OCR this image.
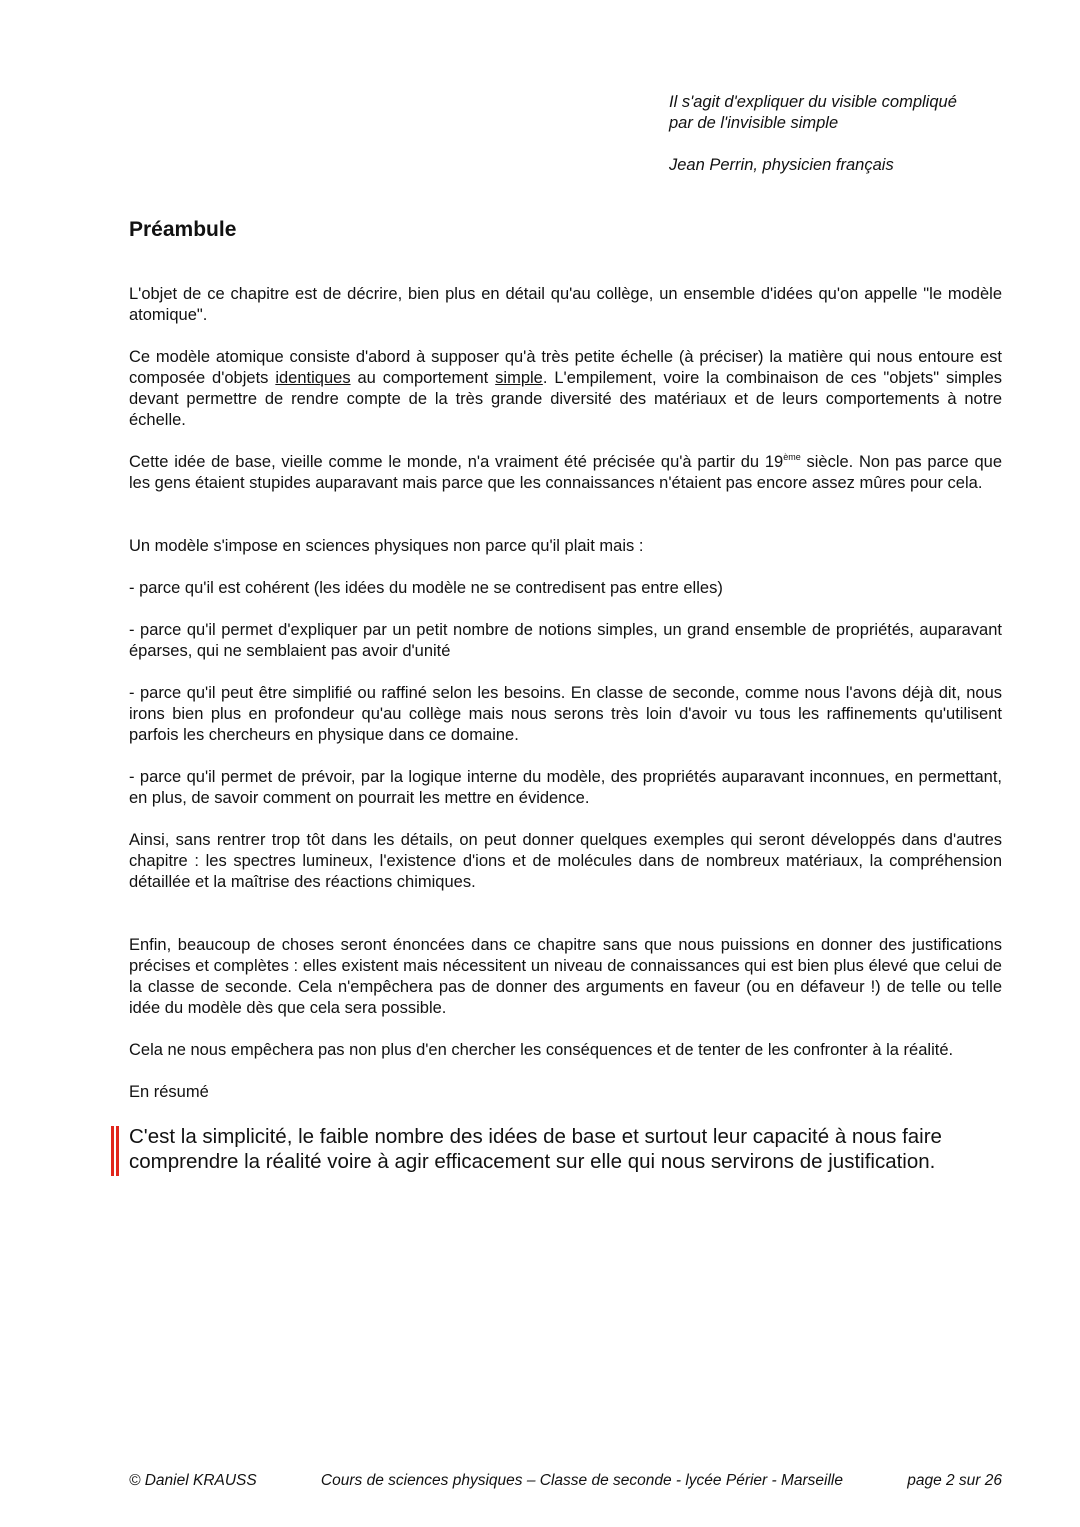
Il s'agit d'expliquer du visible compliqué
par de l'invisible simple
Jean Perrin, physicien français
Préambule

L'objet de ce chapitre est de décrire, bien plus en détail qu'au collège, un ensemble d'idées qu'on appelle "le modèle atomique".

Ce modèle atomique consiste d'abord à supposer qu'à très petite échelle (à préciser) la matière qui nous entoure est composée d'objets identiques au comportement simple. L'empilement, voire la combinaison de ces "objets" simples devant permettre de rendre compte de la très grande diversité des matériaux et de leurs comportements à notre échelle.

Cette idée de base, vieille comme le monde, n'a vraiment été précisée qu'à partir du 19ème siècle. Non pas parce que les gens étaient stupides auparavant mais parce que les connaissances n'étaient pas encore assez mûres pour cela.

Un modèle s'impose en sciences physiques non parce qu'il plait mais :

- parce qu'il est cohérent (les idées du modèle ne se contredisent pas entre elles)

- parce qu'il permet d'expliquer par un petit nombre de notions simples, un grand ensemble de propriétés, auparavant éparses, qui ne semblaient pas avoir d'unité

- parce qu'il peut être simplifié ou raffiné selon les besoins. En classe de seconde, comme nous l'avons déjà dit, nous irons bien plus en profondeur qu'au collège mais nous serons très loin d'avoir vu tous les raffinements qu'utilisent parfois les chercheurs en physique dans ce domaine.

- parce qu'il permet de prévoir, par la logique interne du modèle, des propriétés auparavant inconnues, en permettant, en plus, de savoir comment on pourrait les mettre en évidence.

Ainsi, sans rentrer trop tôt dans les détails, on peut donner quelques exemples qui seront développés dans d'autres chapitre : les spectres lumineux, l'existence d'ions et de molécules dans de nombreux matériaux, la compréhension détaillée et la maîtrise des réactions chimiques.

Enfin, beaucoup de choses seront énoncées dans ce chapitre sans que nous puissions en donner des justifications précises et complètes : elles existent mais nécessitent un niveau de connaissances qui est bien plus élevé que celui de la classe de seconde. Cela n'empêchera pas de donner des arguments en faveur (ou en défaveur !) de telle ou telle idée du modèle dès que cela sera possible.

Cela ne nous empêchera pas non plus d'en chercher les conséquences et de tenter de les confronter à la réalité.

En résumé
C'est la simplicité, le faible nombre des idées de base et surtout leur capacité à nous faire comprendre la réalité voire à agir efficacement sur elle qui nous servirons de justification.
© Daniel KRAUSS	Cours de sciences physiques – Classe de seconde - lycée Périer - Marseille	page 2 sur 26
